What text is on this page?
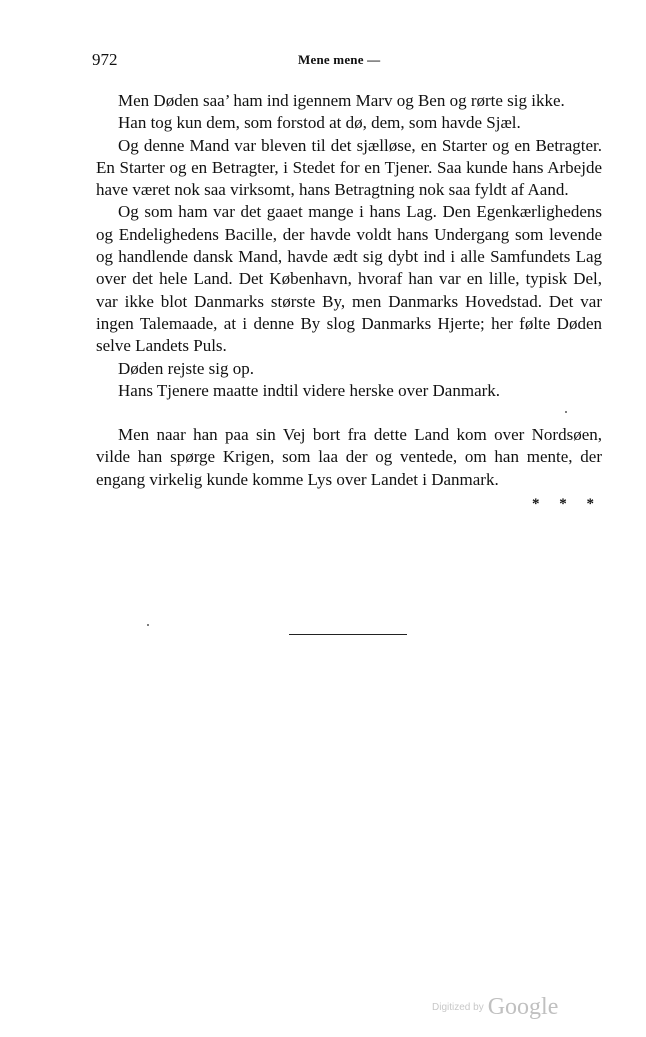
972	Mene mene —

Men Døden saa’ ham ind igennem Marv og Ben og rørte sig ikke.

Han tog kun dem, som forstod at dø, dem, som havde Sjæl.

Og denne Mand var bleven til det sjælløse, en Starter og en Betragter. En Starter og en Betragter, i Stedet for en Tjener. Saa kunde hans Arbejde have været nok saa virksomt, hans Betragtning nok saa fyldt af Aand.

Og som ham var det gaaet mange i hans Lag. Den Egenkærlighedens og Endelighedens Bacille, der havde voldt hans Undergang som levende og handlende dansk Mand, havde ædt sig dybt ind i alle Samfundets Lag over det hele Land. Det København, hvoraf han var en lille, typisk Del, var ikke blot Danmarks største By, men Danmarks Hovedstad. Det var ingen Talemaade, at i denne By slog Danmarks Hjerte; her følte Døden selve Landets Puls.

Døden rejste sig op.

Hans Tjenere maatte indtil videre herske over Danmark.

Men naar han paa sin Vej bort fra dette Land kom over Nordsøen, vilde han spørge Krigen, som laa der og ventede, om han mente, der engang virkelig kunde komme Lys over Landet i Danmark.

* * *
Digitized by Google
